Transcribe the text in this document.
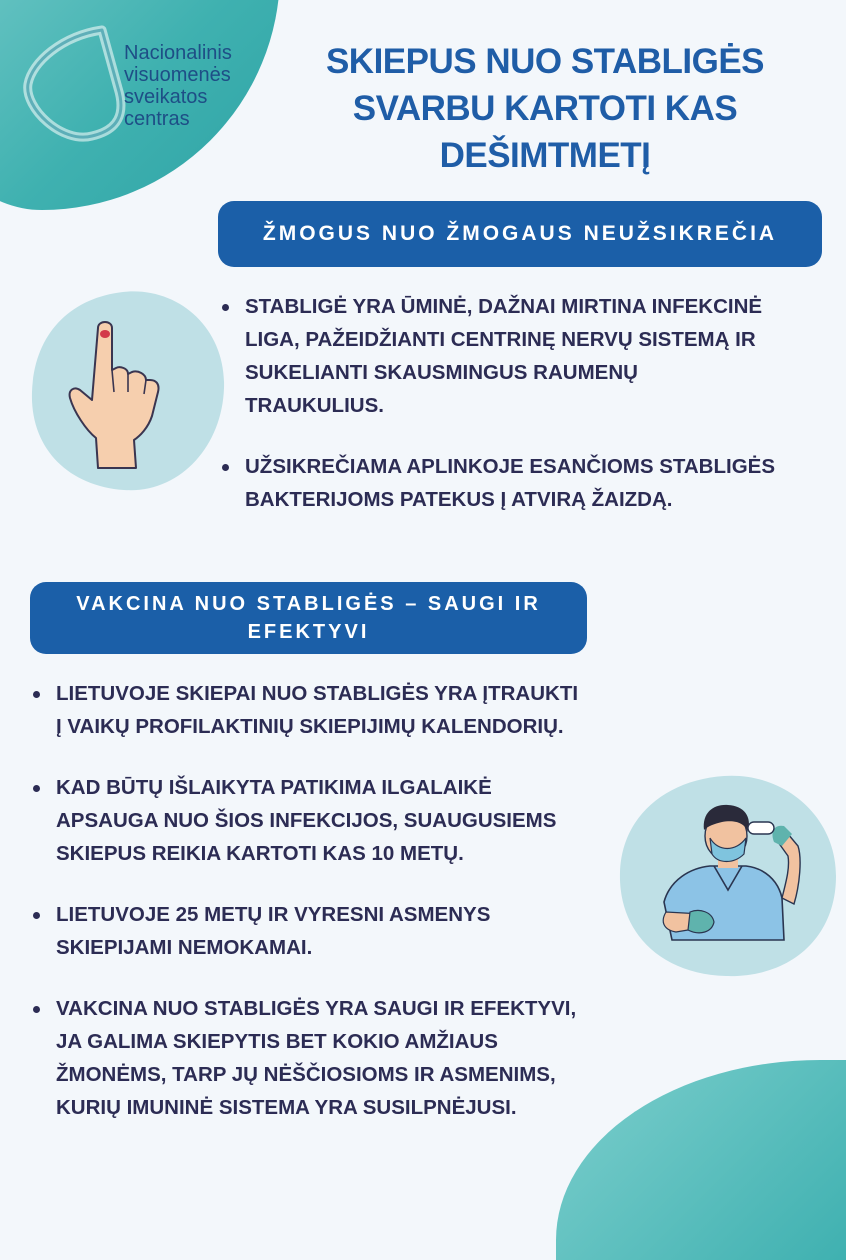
Nacionalinis
visuomenės
sveikatos
centras
SKIEPUS NUO STABLIGĖS
SVARBU KARTOTI KAS
DEŠIMTMETĮ
ŽMOGUS NUO ŽMOGAUS NEUŽSIKREČIA
STABLIGĖ YRA ŪMINĖ, DAŽNAI MIRTINA INFEKCINĖ
LIGA, PAŽEIDŽIANTI CENTRINĘ NERVŲ SISTEMĄ IR
SUKELIANTI SKAUSMINGUS RAUMENŲ
TRAUKULIUS.
UŽSIKREČIAMA APLINKOJE ESANČIOMS STABLIGĖS
BAKTERIJOMS PATEKUS Į ATVIRĄ ŽAIZDĄ.
VAKCINA NUO STABLIGĖS – SAUGI IR
EFEKTYVI
LIETUVOJE SKIEPAI NUO STABLIGĖS YRA ĮTRAUKTI
Į VAIKŲ PROFILAKTINIŲ SKIEPIJIMŲ KALENDORIŲ.
KAD BŪTŲ IŠLAIKYTA PATIKIMA ILGALAIKĖ
APSAUGA NUO ŠIOS INFEKCIJOS, SUAUGUSIEMS
SKIEPUS REIKIA KARTOTI KAS 10 METŲ.
LIETUVOJE 25 METŲ IR VYRESNI ASMENYS
SKIEPIJAMI NEMOKAMAI.
VAKCINA NUO STABLIGĖS YRA SAUGI IR EFEKTYVI,
JA GALIMA SKIEPYTIS BET KOKIO AMŽIAUS
ŽMONĖMS, TARP JŲ NĖŠČIOSIOMS IR ASMENIMS,
KURIŲ IMUNINĖ SISTEMA YRA SUSILPNĖJUSI.
